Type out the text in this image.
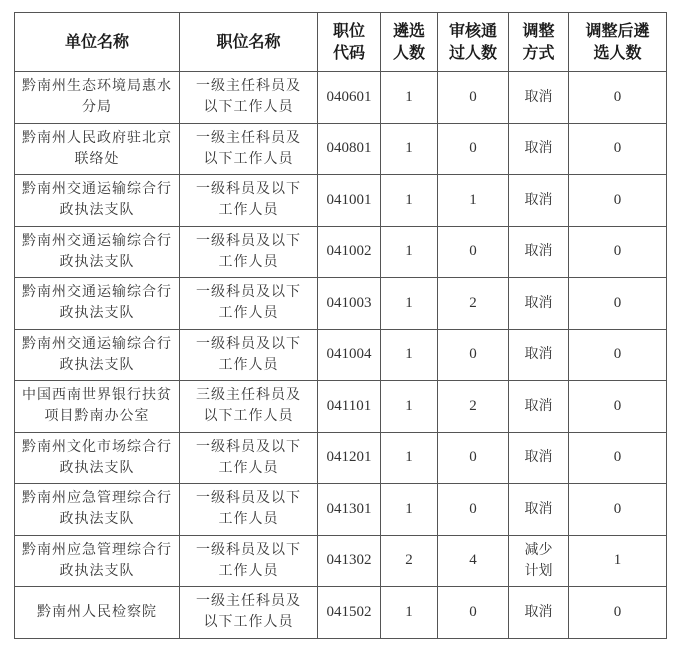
单位名称	职位名称	职位代码	遴选人数	审核通过人数	调整方式	调整后遴选人数

黔南州生态环境局惠水分局	一级主任科员及以下工作人员	040601	1	0	取消	0

黔南州人民政府驻北京联络处	一级主任科员及以下工作人员	040801	1	0	取消	0

黔南州交通运输综合行政执法支队	一级科员及以下工作人员	041001	1	1	取消	0

黔南州交通运输综合行政执法支队	一级科员及以下工作人员	041002	1	0	取消	0

黔南州交通运输综合行政执法支队	一级科员及以下工作人员	041003	1	2	取消	0

黔南州交通运输综合行政执法支队	一级科员及以下工作人员	041004	1	0	取消	0

中国西南世界银行扶贫项目黔南办公室	三级主任科员及以下工作人员	041101	1	2	取消	0

黔南州文化市场综合行政执法支队	一级科员及以下工作人员	041201	1	0	取消	0

黔南州应急管理综合行政执法支队	一级科员及以下工作人员	041301	1	0	取消	0

黔南州应急管理综合行政执法支队	一级科员及以下工作人员	041302	2	4	减少计划	1

黔南州人民检察院	一级主任科员及以下工作人员	041502	1	0	取消	0
